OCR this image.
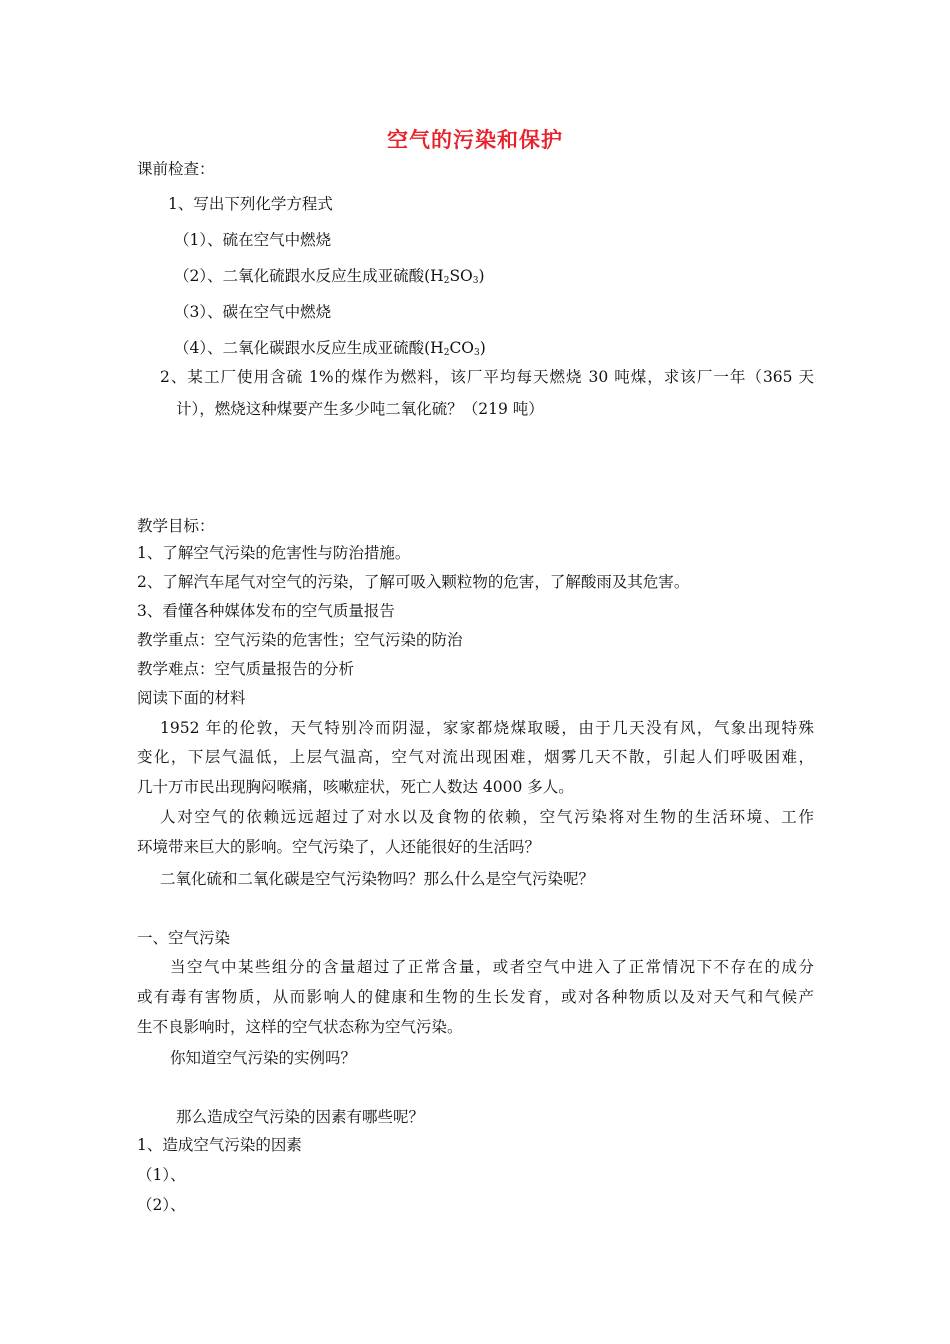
空气的污染和保护
课前检查：
1、写出下列化学方程式
（1）、硫在空气中燃烧
（2）、二氧化硫跟水反应生成亚硫酸$(H_2SO_3)$
（3）、碳在空气中燃烧
（4）、二氧化碳跟水反应生成亚硫酸$(H_2CO_3)$
2、某工厂使用含硫 1%的煤作为燃料，该厂平均每天燃烧 30 吨煤，求该厂一年（365 天
计），燃烧这种煤要产生多少吨二氧化硫？（219 吨）
教学目标：
1、了解空气污染的危害性与防治措施。
2、了解汽车尾气对空气的污染，了解可吸入颗粒物的危害，了解酸雨及其危害。
3、看懂各种媒体发布的空气质量报告
教学重点：空气污染的危害性；空气污染的防治
教学难点：空气质量报告的分析
阅读下面的材料
1952 年的伦敦，天气特别冷而阴湿，家家都烧煤取暖，由于几天没有风，气象出现特殊
变化，下层气温低，上层气温高，空气对流出现困难，烟雾几天不散，引起人们呼吸困难，
几十万市民出现胸闷喉痛，咳嗽症状，死亡人数达 4000 多人。
人对空气的依赖远远超过了对水以及食物的依赖，空气污染将对生物的生活环境、工作
环境带来巨大的影响。空气污染了，人还能很好的生活吗？
二氧化硫和二氧化碳是空气污染物吗？那么什么是空气污染呢？
一、空气污染
当空气中某些组分的含量超过了正常含量，或者空气中进入了正常情况下不存在的成分
或有毒有害物质，从而影响人的健康和生物的生长发育，或对各种物质以及对天气和气候产
生不良影响时，这样的空气状态称为空气污染。
你知道空气污染的实例吗？
那么造成空气污染的因素有哪些呢？
1、造成空气污染的因素
（1）、
（2）、
